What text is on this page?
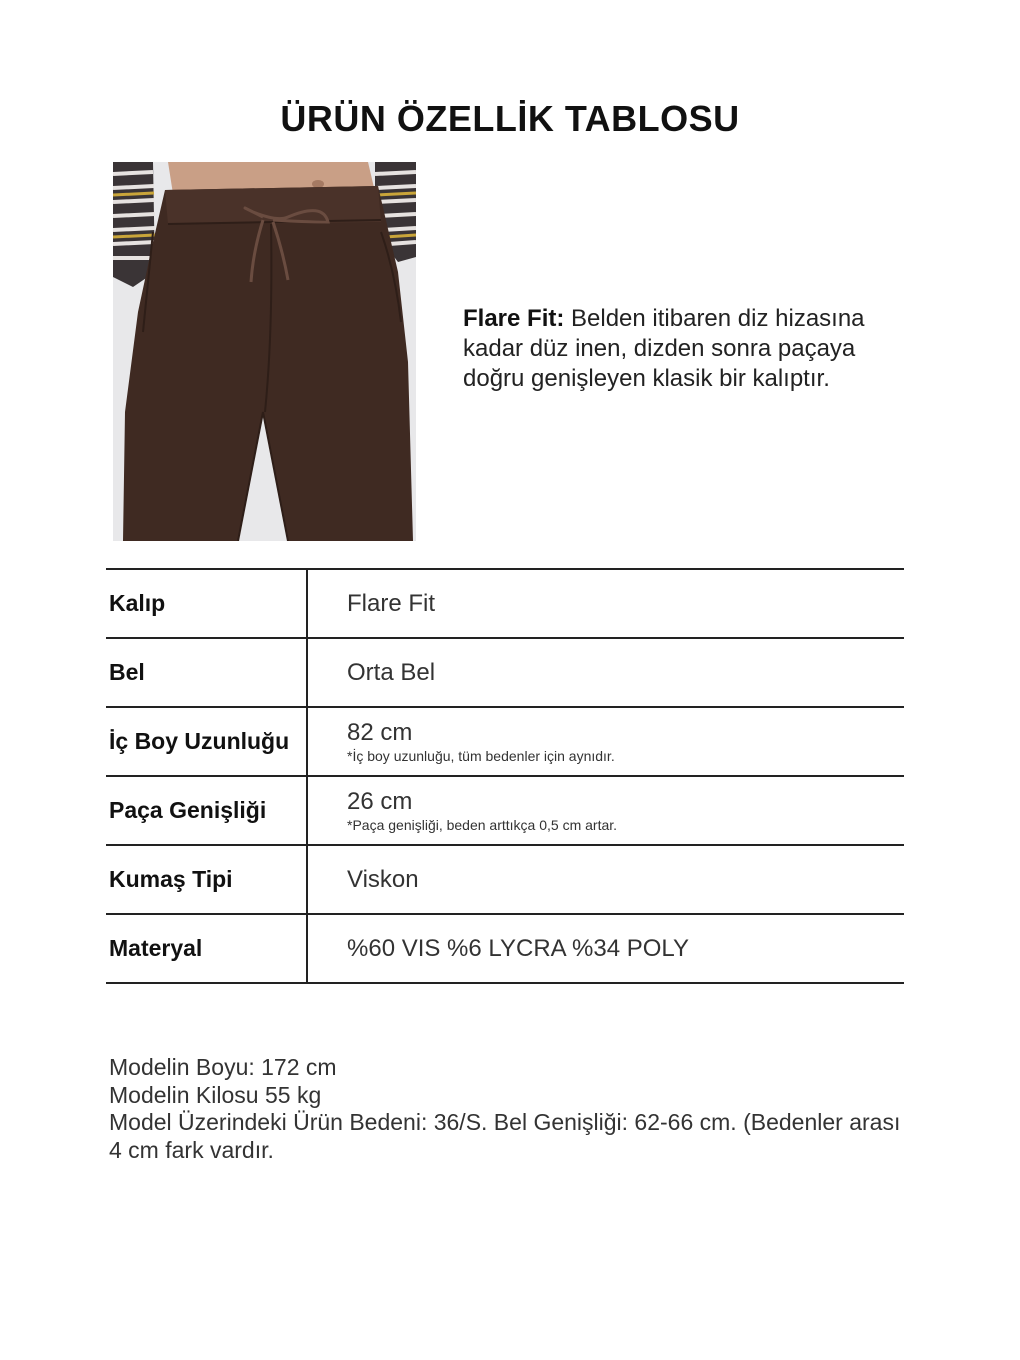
ÜRÜN ÖZELLİK TABLOSU
Flare Fit: Belden itibaren diz hizasına kadar düz inen, dizden sonra paçaya doğru genişleyen klasik bir kalıptır.
Kalıp	Flare Fit
Bel	Orta Bel
İç Boy Uzunluğu 82 cm
*İç boy uzunluğu, tüm bedenler için aynıdır.
Paça Genişliği	26 cm
*Paça genişliği, beden arttıkça 0,5 cm artar.
Kumaş Tipi	Viskon
Materyal	%60 VIS %6 LYCRA %34 POLY
Modelin Boyu: 172 cm
Modelin Kilosu 55 kg
Model Üzerindeki Ürün Bedeni: 36/S. Bel Genişliği: 62-66 cm. (Bedenler arası 4 cm fark vardır.
